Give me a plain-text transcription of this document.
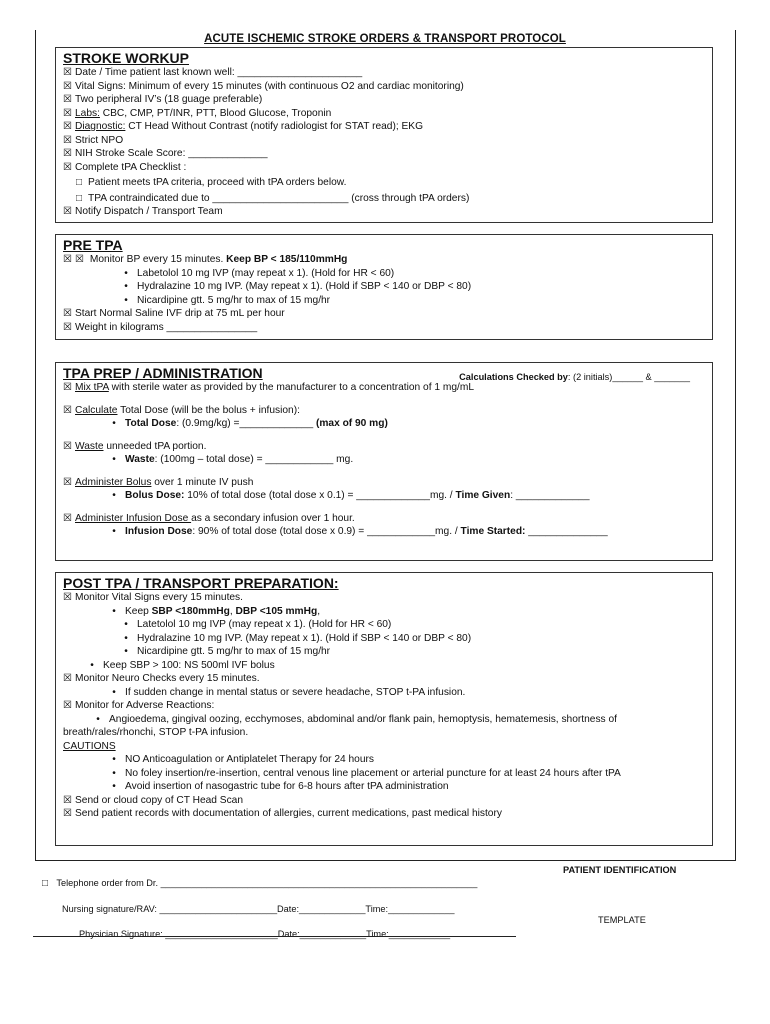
ACUTE ISCHEMIC STROKE ORDERS & TRANSPORT PROTOCOL
STROKE WORKUP
☒ Date / Time patient last known well: ______________________
☒ Vital Signs: Minimum of every 15 minutes (with continuous O2 and cardiac monitoring)
☒ Two peripheral IV’s (18 guage preferable)
☒ Labs: CBC, CMP, PT/INR, PTT, Blood Glucose, Troponin
☒ Diagnostic: CT Head Without Contrast (notify radiologist for STAT read); EKG
☒ Strict NPO
☒ NIH Stroke Scale Score: ______________
☒ Complete tPA Checklist :
□ Patient meets tPA criteria, proceed with tPA orders below.
□ TPA contraindicated due to ________________________ (cross through tPA orders)
☒ Notify Dispatch / Transport Team
PRE TPA
☒ ☒ Monitor BP every 15 minutes. Keep BP < 185/110mmHg
• Labetolol 10 mg IVP (may repeat x 1). (Hold for HR < 60)
• Hydralazine 10 mg IVP. (May repeat x 1). (Hold if SBP < 140 or DBP < 80)
• Nicardipine gtt. 5 mg/hr to max of 15 mg/hr
☒ Start Normal Saline IVF drip at 75 mL per hour
☒ Weight in kilograms ________________
TPA PREP / ADMINISTRATION	Calculations Checked by: (2 initials)______ & _______
☒ Mix tPA with sterile water as provided by the manufacturer to a concentration of 1 mg/mL
☒ Calculate Total Dose (will be the bolus + infusion):
• Total Dose: (0.9mg/kg) =_____________ (max of 90 mg)
☒ Waste unneeded tPA portion.
• Waste: (100mg – total dose) = ____________ mg.
☒ Administer Bolus over 1 minute IV push
• Bolus Dose: 10% of total dose (total dose x 0.1) = _____________mg. / Time Given: _____________
☒ Administer Infusion Dose as a secondary infusion over 1 hour.
• Infusion Dose: 90% of total dose (total dose x 0.9) = ____________mg. / Time Started: ______________
POST TPA / TRANSPORT PREPARATION:
☒ Monitor Vital Signs every 15 minutes.
• Keep SBP <180mmHg, DBP <105 mmHg,
• Latetolol 10 mg IVP (may repeat x 1). (Hold for HR < 60)
• Hydralazine 10 mg IVP. (May repeat x 1). (Hold if SBP < 140 or DBP < 80)
• Nicardipine gtt. 5 mg/hr to max of 15 mg/hr
• Keep SBP > 100: NS 500ml IVF bolus
☒ Monitor Neuro Checks every 15 minutes.
• If sudden change in mental status or severe headache, STOP t-PA infusion.
☒ Monitor for Adverse Reactions:
• Angioedema, gingival oozing, ecchymoses, abdominal and/or flank pain, hemoptysis, hematemesis, shortness of
breath/rales/rhonchi, STOP t-PA infusion.
CAUTIONS
• NO Anticoagulation or Antiplatelet Therapy for 24 hours
• No foley insertion/re-insertion, central venous line placement or arterial puncture for at least 24 hours after tPA
• Avoid insertion of nasogastric tube for 6-8 hours after tPA administration
☒ Send or cloud copy of CT Head Scan
☒ Send patient records with documentation of allergies, current medications, past medical history
□ Telephone order from Dr. ______________________________________________________________
Nursing signature/RAV: _______________________Date:_____________Time:_____________
Physician Signature: ______________________Date:_____________Time:____________
PATIENT IDENTIFICATION
TEMPLATE
